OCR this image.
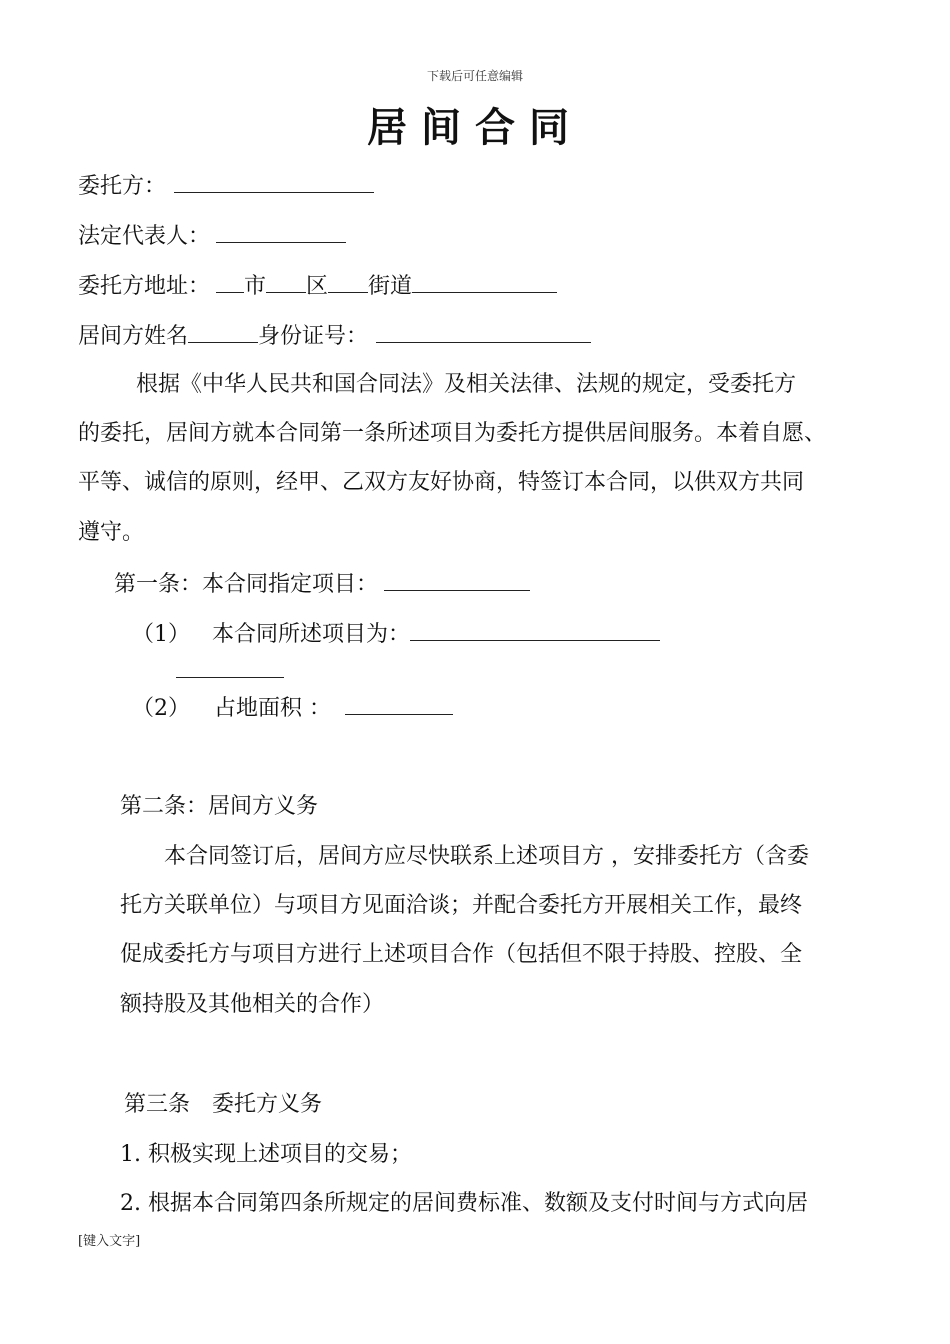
下载后可任意编辑
居间合同
委托方：
法定代表人：
委托方地址： 市 区 街道
居间方姓名	身份证号：
根据《中华人民共和国合同法》及相关法律、法规的规定，受委托方
的委托，居间方就本合同第一条所述项目为委托方提供居间服务。本着自愿、
平等、诚信的原则，经甲、乙双方友好协商，特签订本合同，以供双方共同
遵守。
第一条：本合同指定项目：
（1） 本合同所述项目为：
（2） 占地面积 ：
第二条：居间方义务
本合同签订后，居间方应尽快联系上述项目方 ，安排委托方（含委
托方关联单位）与项目方见面洽谈；并配合委托方开展相关工作，最终
促成委托方与项目方进行上述项目合作（包括但不限于持股、控股、全
额持股及其他相关的合作）
第三条　委托方义务
1. 积极实现上述项目的交易；
2. 根据本合同第四条所规定的居间费标准、数额及支付时间与方式向居
[键入文字]
